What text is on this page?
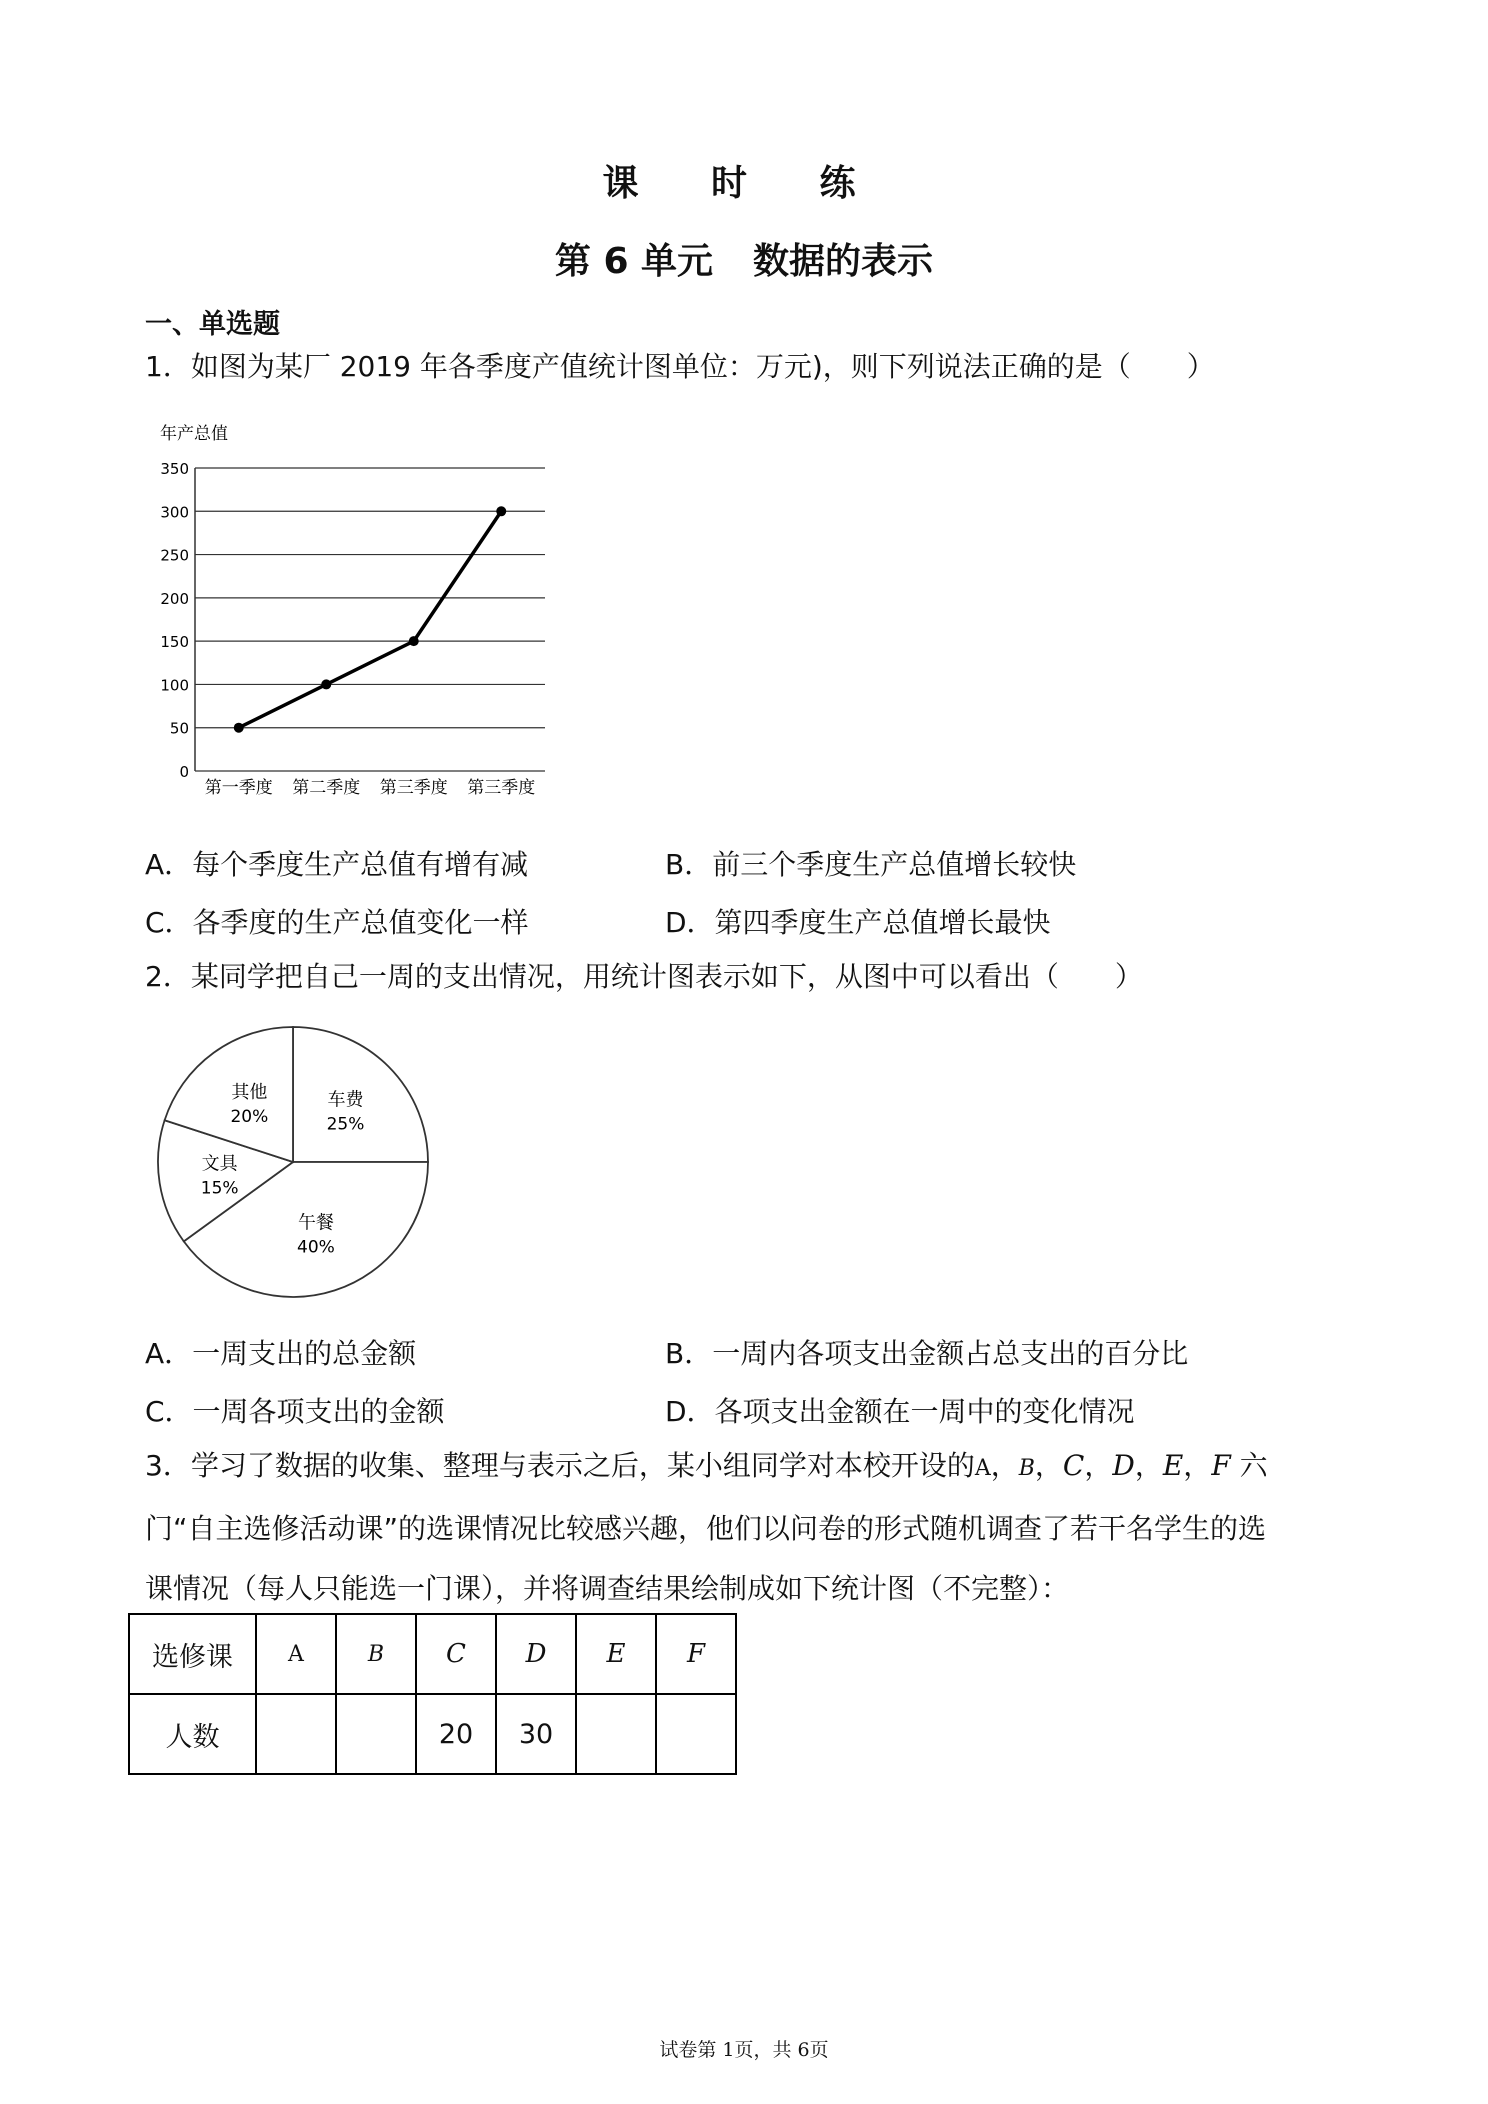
课 时 练
第 6 单元 数据的表示
一、单选题
1．如图为某厂 2019 年各季度产值统计图单位：万元)，则下列说法正确的是（　　）
年产总值
0
50
100
150
200
250
300
350
第一季度 第二季度 第三季度 第三季度
A．每个季度生产总值有增有减	B．前三个季度生产总值增长较快
C．各季度的生产总值变化一样	D．第四季度生产总值增长最快
2．某同学把自己一周的支出情况，用统计图表示如下，从图中可以看出（　　）
车费
25%
午餐
40%
文具
15%
其他
20%
A．一周支出的总金额	B．一周内各项支出金额占总支出的百分比
C．一周各项支出的金额	D．各项支出金额在一周中的变化情况
3．学习了数据的收集、整理与表示之后，某小组同学对本校开设的A，B，C，D，E，F 六
门“自主选修活动课”的选课情况比较感兴趣，他们以问卷的形式随机调查了若干名学生的选
课情况（每人只能选一门课），并将调查结果绘制成如下统计图（不完整）：
选修课	A	B	C	D	E	F
人数			20	30		
试卷第 1页，共 6页
